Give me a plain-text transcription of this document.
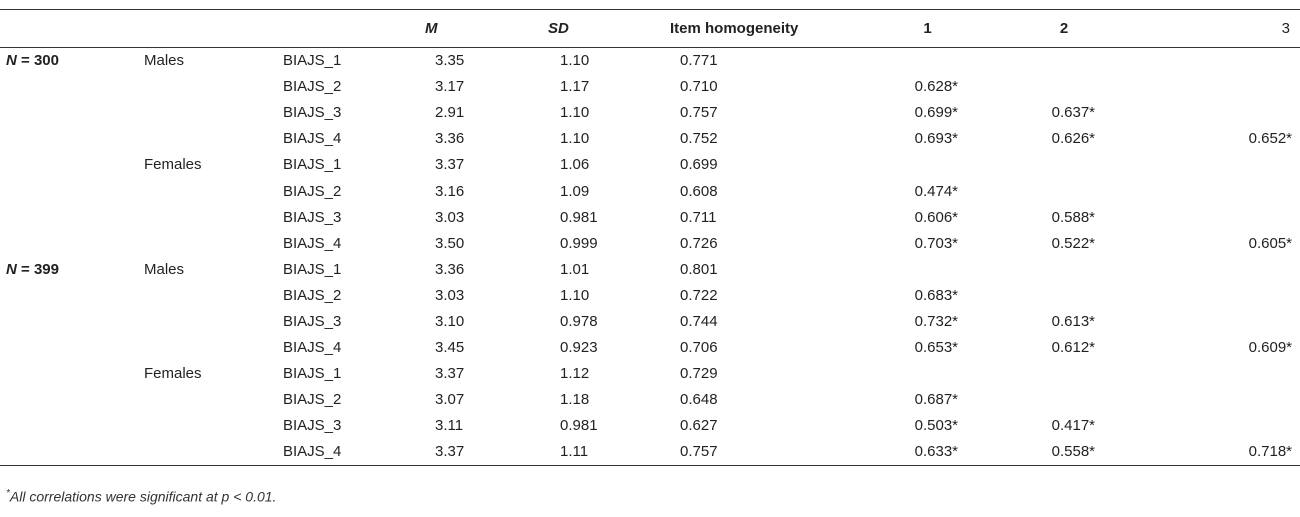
			M	SD	Item homogeneity	1	2	3
N = 300	Males	BIAJS_1	3.35	1.10	0.771			
		BIAJS_2	3.17	1.17	0.710	0.628*		
		BIAJS_3	2.91	1.10	0.757	0.699*	0.637*	
		BIAJS_4	3.36	1.10	0.752	0.693*	0.626*	0.652*
	Females	BIAJS_1	3.37	1.06	0.699			
		BIAJS_2	3.16	1.09	0.608	0.474*		
		BIAJS_3	3.03	0.981	0.711	0.606*	0.588*	
		BIAJS_4	3.50	0.999	0.726	0.703*	0.522*	0.605*
N = 399	Males	BIAJS_1	3.36	1.01	0.801			
		BIAJS_2	3.03	1.10	0.722	0.683*		
		BIAJS_3	3.10	0.978	0.744	0.732*	0.613*	
		BIAJS_4	3.45	0.923	0.706	0.653*	0.612*	0.609*
	Females	BIAJS_1	3.37	1.12	0.729			
		BIAJS_2	3.07	1.18	0.648	0.687*		
		BIAJS_3	3.11	0.981	0.627	0.503*	0.417*	
		BIAJS_4	3.37	1.11	0.757	0.633*	0.558*	0.718*
*All correlations were significant at p < 0.01.
